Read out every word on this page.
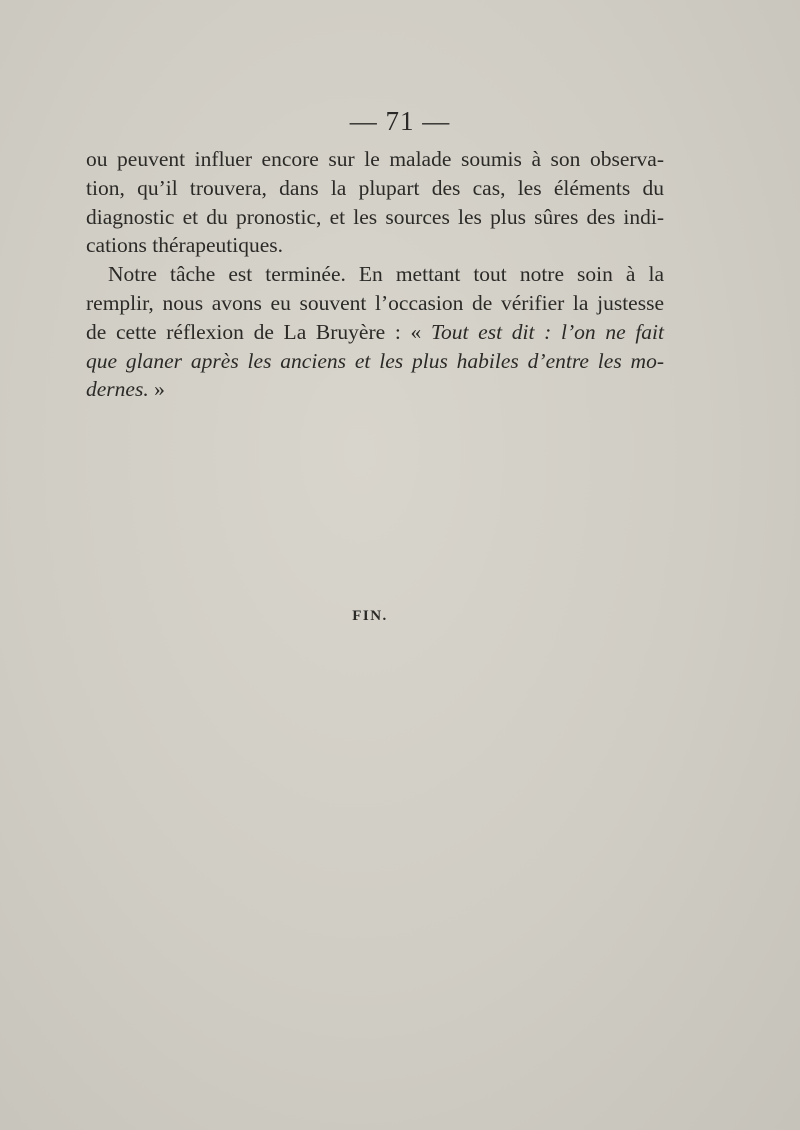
— 71 —

ou peuvent influer encore sur le malade soumis à son observa-
tion, qu’il trouvera, dans la plupart des cas, les éléments du
diagnostic et du pronostic, et les sources les plus sûres des indi-
cations thérapeutiques.

Notre tâche est terminée. En mettant tout notre soin à la
remplir, nous avons eu souvent l’occasion de vérifier la justesse
de cette réflexion de La Bruyère : « Tout est dit : l’on ne fait
que glaner après les anciens et les plus habiles d’entre les mo-
dernes. »

FIN.
